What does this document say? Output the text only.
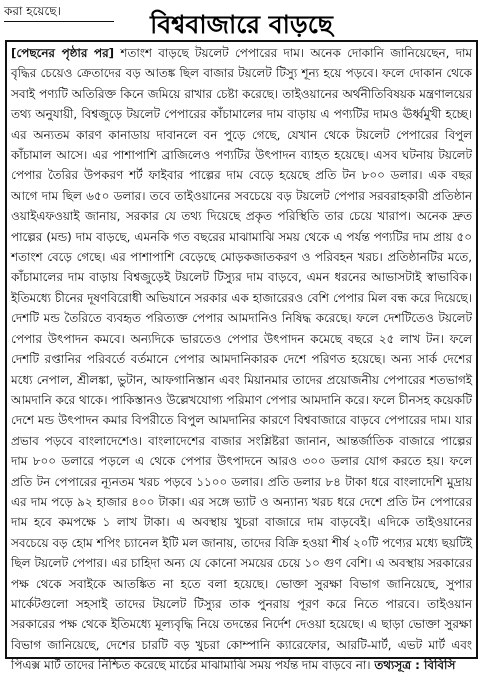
করা হয়েছে।	বিশ্ববাজারে বাড়ছে
[পেছনের পৃষ্ঠার পর] শতাংশ বাড়ছে টয়লেট পেপারের দাম। অনেক দোকানি জানিয়েছেন, দাম বৃদ্ধির চেয়েও ক্রেতাদের বড় আতঙ্ক ছিল বাজার টয়লেট টিস্যু শূন্য হয়ে পড়বে। ফলে দোকান থেকে সবাই পণ্যটি অতিরিক্ত কিনে জমিয়ে রাখার চেষ্টা করেছে। তাইওয়ানের অর্থনীতিবিষয়ক মন্ত্রণালয়ের তথ্য অনুযায়ী, বিশ্বজুড়ে টয়লেট পেপারের কাঁচামালের দাম বাড়ায় এ পণ্যটির দামও ঊর্ধ্বমুখী হচ্ছে। এর অন্যতম কারণ কানাডায় দাবানলে বন পুড়ে গেছে, যেখান থেকে টয়লেট পেপারের বিপুল কাঁচামাল আসে। এর পাশাপাশি ব্রাজিলেও পণ্যটির উৎপাদন ব্যাহত হয়েছে। এসব ঘটনায় টয়লেট পেপার তৈরির উপকরণ শর্ট ফাইবার পাল্পের দাম বেড়ে হয়েছে প্রতি টন ৮০০ ডলার। এক বছর আগে দাম ছিল ৬৫০ ডলার। তবে তাইওয়ানের সবচেয়ে বড় টয়লেট পেপার সরবরাহকারী প্রতিষ্ঠান ওয়াইএফওয়াই জানায়, সরকার যে তথ্য দিয়েছে প্রকৃত পরিস্থিতি তার চেয়ে খারাপ। অনেক দ্রুত পাল্পের (মন্ড) দাম বাড়ছে, এমনকি গত বছরের মাঝামাঝি সময় থেকে এ পর্যন্ত পণ্যটির দাম প্রায় ৫০ শতাংশ বেড়ে গেছে। এর পাশাপাশি বেড়েছে মোড়কজাতকরণ ও পরিবহন খরচ। প্রতিষ্ঠানটির মতে, কাঁচামালের দাম বাড়ায় বিশ্বজুড়েই টয়লেট টিস্যুর দাম বাড়বে, এমন ধরনের আভাসটাই স্বাভাবিক। ইতিমধ্যে চীনের দূষণবিরোধী অভিযানে সরকার এক হাজারেরও বেশি পেপার মিল বন্ধ করে দিয়েছে। দেশটি মন্ড তৈরিতে ব্যবহৃত পরিত্যক্ত পেপার আমদানিও নিষিদ্ধ করেছে। ফলে দেশটিতেও টয়লেট পেপার উৎপাদন কমবে। অন্যদিকে ভারতেও পেপার উৎপাদন কমেছে বছরে ২৫ লাখ টন। ফলে দেশটি রপ্তানির পরিবর্তে বর্তমানে পেপার আমদানিকারক দেশে পরিণত হয়েছে। অন্য সার্ক দেশের মধ্যে নেপাল, শ্রীলঙ্কা, ভুটান, আফগানিস্তান এবং মিয়ানমার তাদের প্রয়োজনীয় পেপারের শতভাগই আমদানি করে থাকে। পাকিস্তানও উল্লেখযোগ্য পরিমাণ পেপার আমদানি করে। ফলে চীনসহ কয়েকটি দেশে মন্ড উৎপাদন কমার বিপরীতে বিপুল আমদানির কারণে বিশ্ববাজারে বাড়বে পেপারের দাম। যার প্রভাব পড়বে বাংলাদেশেও। বাংলাদেশের বাজার সংশ্লিষ্টরা জানান, আন্তর্জাতিক বাজারে পাল্পের দাম ৮০০ ডলারে পড়লে এ থেকে পেপার উৎপাদনে আরও ৩০০ ডলার যোগ করতে হয়। ফলে প্রতি টন পেপারের ন্যূনতম খরচ পড়বে ১১০০ ডলার। প্রতি ডলার ৮৪ টাকা ধরে বাংলাদেশি মুদ্রায় এর দাম পড়ে ৯২ হাজার ৪০০ টাকা। এর সঙ্গে ভ্যাট ও অন্যান্য খরচ ধরে দেশে প্রতি টন পেপারের দাম হবে কমপক্ষে ১ লাখ টাকা। এ অবস্থায় খুচরা বাজারে দাম বাড়বেই। এদিকে তাইওয়ানের সবচেয়ে বড় হোম শপিং চ্যানেল ইটি মল জানায়, তাদের বিক্রি হওয়া শীর্ষ ২০টি পণ্যের মধ্যে ছয়টিই ছিল টয়লেট পেপার। এর চাহিদা অন্য যে কোনো সময়ের চেয়ে ১০ গুণ বেশি। এ অবস্থায় সরকারের পক্ষ থেকে সবাইকে আতঙ্কিত না হতে বলা হয়েছে। ভোক্তা সুরক্ষা বিভাগ জানিয়েছে, সুপার মার্কেটগুলো সহসাই তাদের টয়লেট টিস্যুর তাক পুনরায় পূরণ করে নিতে পারবে। তাইওয়ান সরকারের পক্ষ থেকে ইতিমধ্যে মূল্যবৃদ্ধি নিয়ে তদন্তের নির্দেশ দেওয়া হয়েছে। এ ছাড়া ভোক্তা সুরক্ষা বিভাগ জানিয়েছে, দেশের চারটি বড় খুচরা কোম্পানি ক্যারেফোর, আরটি-মার্ট, এভট মার্ট এবং পিএক্স মার্ট তাদের নিশ্চিত করেছে মার্চের মাঝামাঝি সময় পর্যন্ত দাম বাড়বে না। তথ্যসূত্র : বিবিসি
